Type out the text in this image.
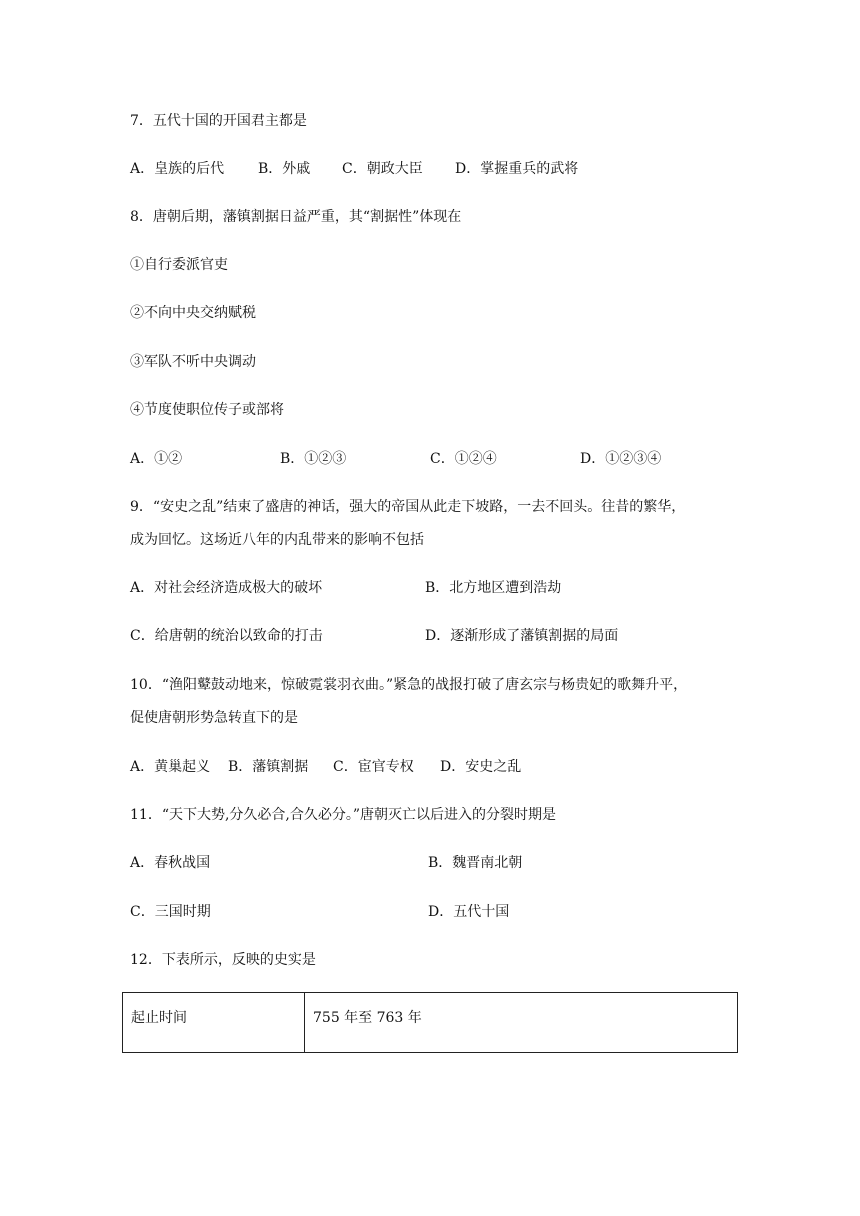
7．五代十国的开国君主都是
A．皇族的后代 B．外戚 C．朝政大臣 D．掌握重兵的武将
8．唐朝后期，藩镇割据日益严重，其“割据性”体现在
①自行委派官吏
②不向中央交纳赋税
③军队不听中央调动
④节度使职位传子或部将
A．①②	B．①②③	C．①②④	D．①②③④
9．“安史之乱”结束了盛唐的神话，强大的帝国从此走下坡路，一去不回头。往昔的繁华，
成为回忆。这场近八年的内乱带来的影响不包括
A．对社会经济造成极大的破坏	B．北方地区遭到浩劫
C．给唐朝的统治以致命的打击	D．逐渐形成了藩镇割据的局面
10．“渔阳鼙鼓动地来，惊破霓裳羽衣曲。”紧急的战报打破了唐玄宗与杨贵妃的歌舞升平，
促使唐朝形势急转直下的是
A．黄巢起义 B．藩镇割据 C．宦官专权 D．安史之乱
11．“天下大势,分久必合,合久必分。”唐朝灭亡以后进入的分裂时期是
A．春秋战国	B．魏晋南北朝
C．三国时期	D．五代十国
12．下表所示，反映的史实是
起止时间	755 年至 763 年
